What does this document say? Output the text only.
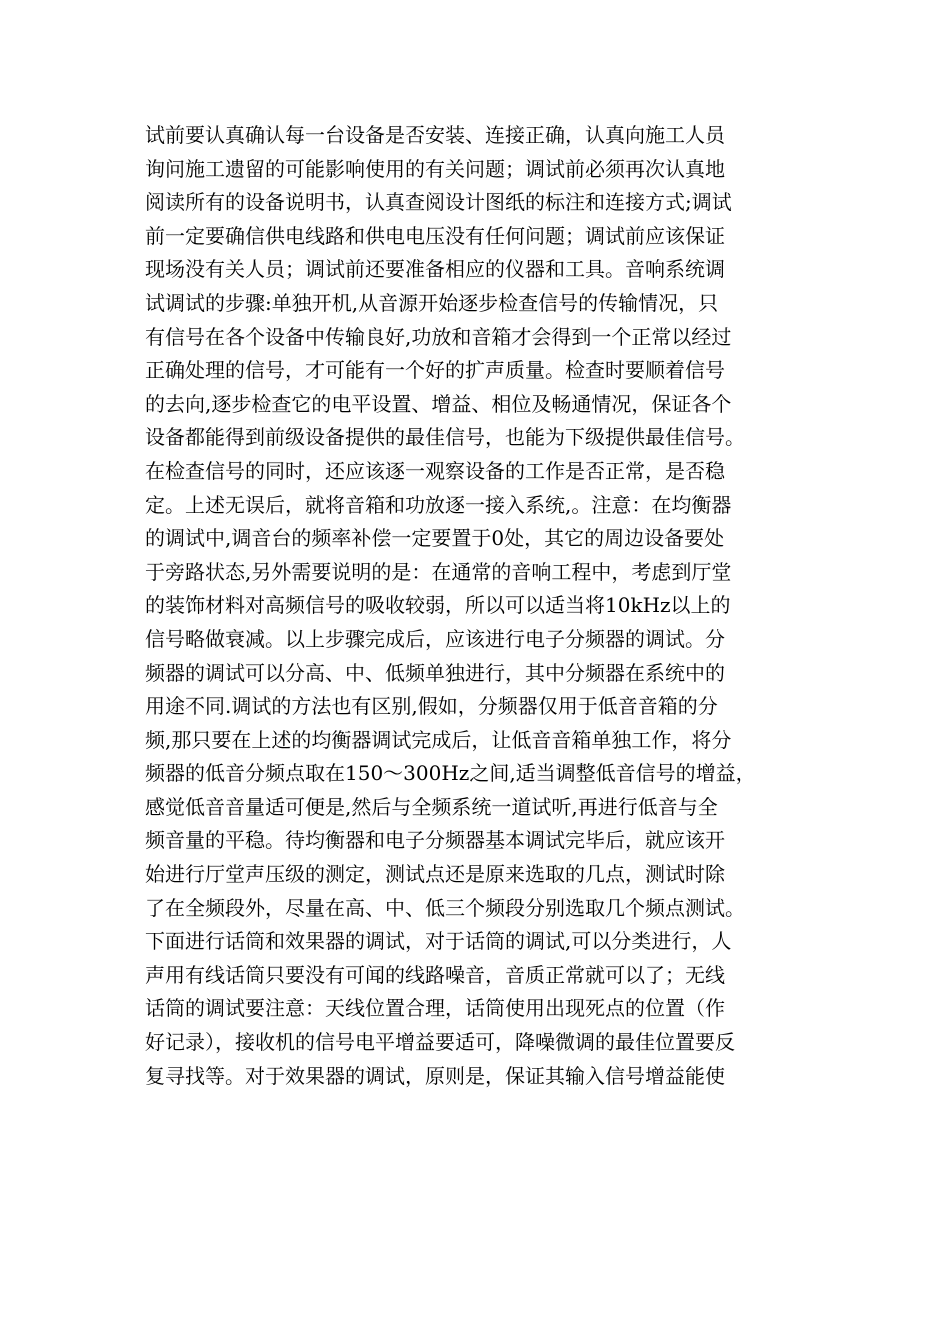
试前要认真确认每一台设备是否安装、连接正确，认真向施工人员
询问施工遗留的可能影响使用的有关问题；调试前必须再次认真地
阅读所有的设备说明书，认真查阅设计图纸的标注和连接方式;调试
前一定要确信供电线路和供电电压没有任何问题；调试前应该保证
现场没有关人员；调试前还要准备相应的仪器和工具。音响系统调
试调试的步骤:单独开机,从音源开始逐步检查信号的传输情况，只
有信号在各个设备中传输良好,功放和音箱才会得到一个正常以经过
正确处理的信号，才可能有一个好的扩声质量。检查时要顺着信号
的去向,逐步检查它的电平设置、增益、相位及畅通情况，保证各个
设备都能得到前级设备提供的最佳信号，也能为下级提供最佳信号。
在检查信号的同时，还应该逐一观察设备的工作是否正常，是否稳
定。上述无误后，就将音箱和功放逐一接入系统,。注意：在均衡器
的调试中,调音台的频率补偿一定要置于0处，其它的周边设备要处
于旁路状态,另外需要说明的是：在通常的音响工程中，考虑到厅堂
的装饰材料对高频信号的吸收较弱，所以可以适当将10kHz以上的
信号略做衰减。以上步骤完成后，应该进行电子分频器的调试。分
频器的调试可以分高、中、低频单独进行，其中分频器在系统中的
用途不同.调试的方法也有区别,假如，分频器仅用于低音音箱的分
频,那只要在上述的均衡器调试完成后，让低音音箱单独工作，将分
频器的低音分频点取在150～300Hz之间,适当调整低音信号的增益，
感觉低音音量适可便是,然后与全频系统一道试听,再进行低音与全
频音量的平稳。待均衡器和电子分频器基本调试完毕后，就应该开
始进行厅堂声压级的测定，测试点还是原来选取的几点，测试时除
了在全频段外，尽量在高、中、低三个频段分别选取几个频点测试。
下面进行话筒和效果器的调试，对于话筒的调试,可以分类进行，人
声用有线话筒只要没有可闻的线路噪音，音质正常就可以了；无线
话筒的调试要注意：天线位置合理，话筒使用出现死点的位置（作
好记录），接收机的信号电平增益要适可，降噪微调的最佳位置要反
复寻找等。对于效果器的调试，原则是，保证其输入信号增益能使
